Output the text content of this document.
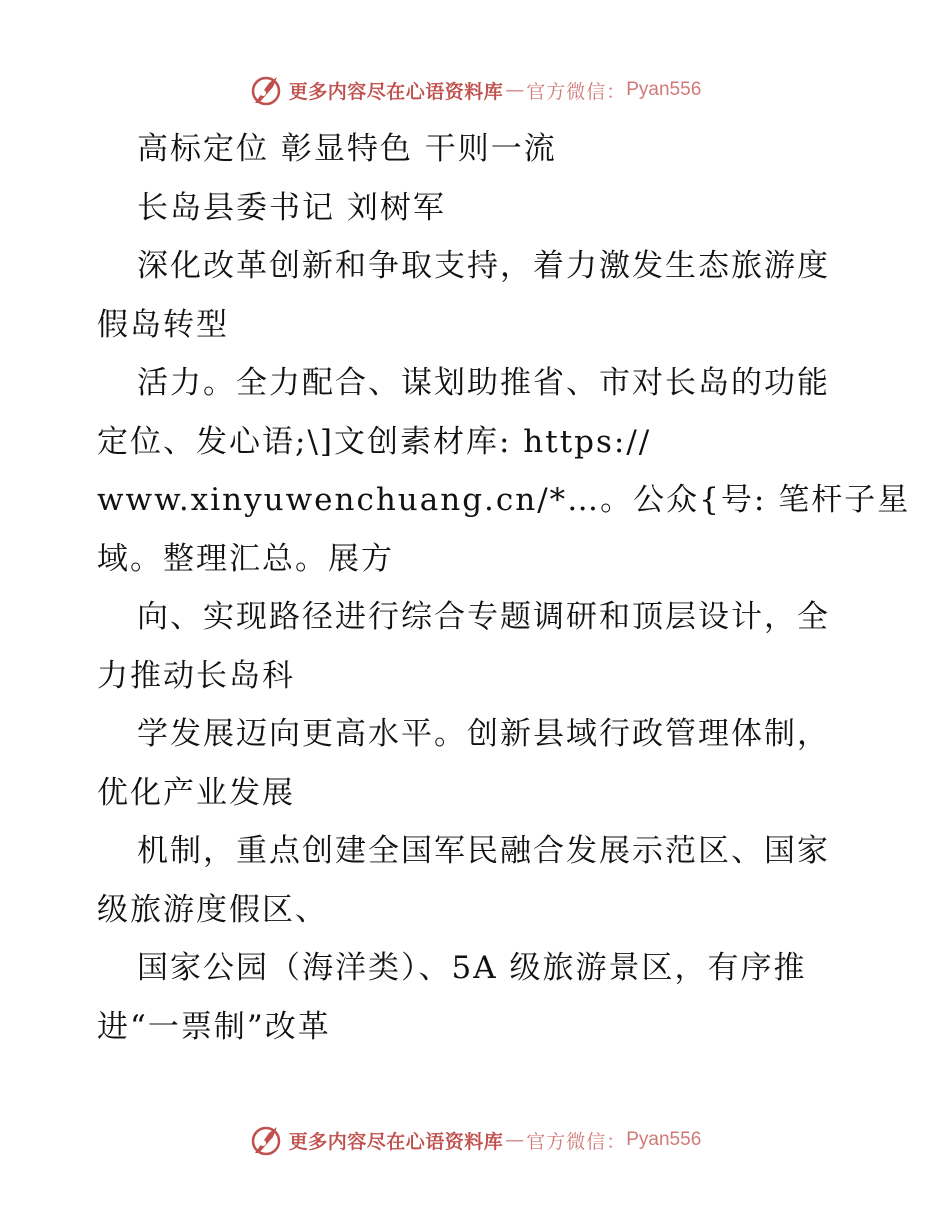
更多内容尽在心语资料库 — 官方微信： Pyan556

高标定位 彰显特色 干则一流

长岛县委书记 刘树军

深化改革创新和争取支持，着力激发生态旅游度

假岛转型

活力。全力配合、谋划助推省、市对长岛的功能

定位、发心语;\]文创素材库: https://

www.xinyuwenchuang.cn/*…。公众{号: 笔杆子星

域。整理汇总。展方

向、实现路径进行综合专题调研和顶层设计，全

力推动长岛科

学发展迈向更高水平。创新县域行政管理体制，

优化产业发展

机制，重点创建全国军民融合发展示范区、国家

级旅游度假区、

国家公园（海洋类）、5A 级旅游景区，有序推

进“一票制”改革

更多内容尽在心语资料库 — 官方微信： Pyan556
